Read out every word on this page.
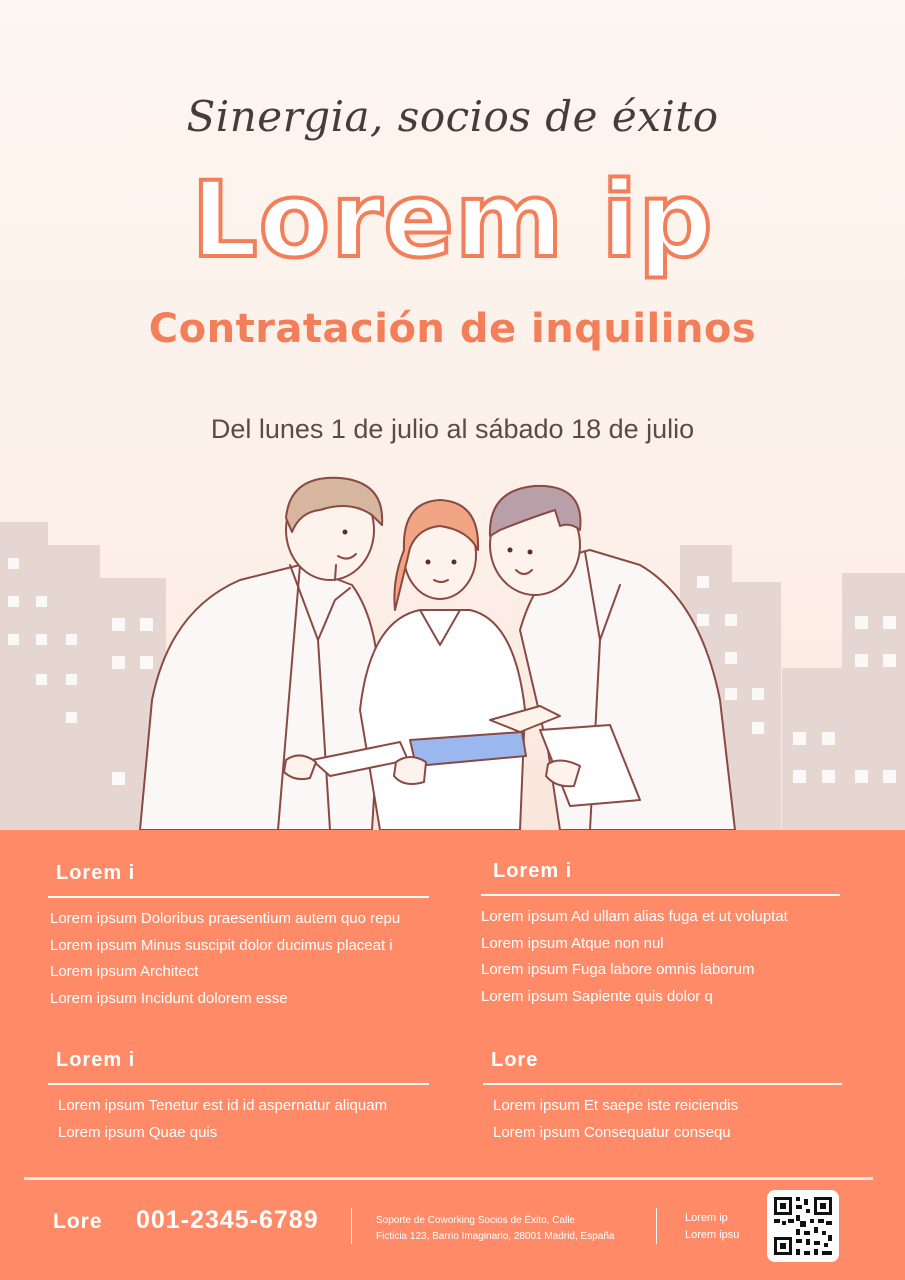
Sinergia, socios de éxito
Lorem ip
Contratación de inquilinos
Del lunes 1 de julio al sábado 18 de julio
Lorem i
Lorem ipsum Doloribus praesentium autem quo repu
Lorem ipsum Minus suscipit dolor ducimus placeat i
Lorem ipsum Architect
Lorem ipsum Incidunt dolorem esse
Lorem i
Lorem ipsum Ad ullam alias fuga et ut voluptat
Lorem ipsum Atque non nul
Lorem ipsum Fuga labore omnis laborum
Lorem ipsum Sapiente quis dolor q
Lorem i
Lorem ipsum Tenetur est id id aspernatur aliquam
Lorem ipsum Quae quis
Lore
Lorem ipsum Et saepe iste reiciendis
Lorem ipsum Consequatur consequ
Lore 001-2345-6789	Soporte de Coworking Socios de Éxito, Calle
Ficticia 123, Barrio Imaginario, 28001 Madrid, España
Lorem ip
Lorem ipsu
